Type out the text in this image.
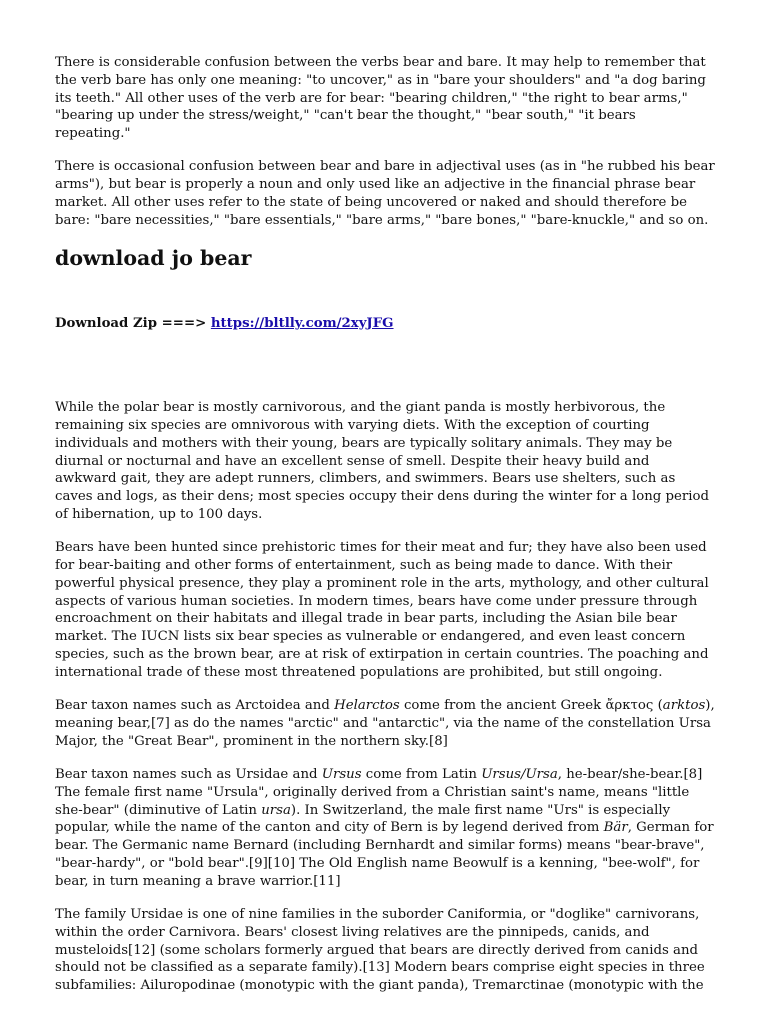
There is considerable confusion between the verbs bear and bare. It may help to remember that the verb bare has only one meaning: "to uncover," as in "bare your shoulders" and "a dog baring its teeth." All other uses of the verb are for bear: "bearing children," "the right to bear arms," "bearing up under the stress/weight," "can't bear the thought," "bear south," "it bears repeating."

There is occasional confusion between bear and bare in adjectival uses (as in "he rubbed his bear arms"), but bear is properly a noun and only used like an adjective in the financial phrase bear market. All other uses refer to the state of being uncovered or naked and should therefore be bare: "bare necessities," "bare essentials," "bare arms," "bare bones," "bare-knuckle," and so on.

download jo bear
Download Zip ===> https://bltlly.com/2xyJFG

While the polar bear is mostly carnivorous, and the giant panda is mostly herbivorous, the remaining six species are omnivorous with varying diets. With the exception of courting individuals and mothers with their young, bears are typically solitary animals. They may be diurnal or nocturnal and have an excellent sense of smell. Despite their heavy build and awkward gait, they are adept runners, climbers, and swimmers. Bears use shelters, such as caves and logs, as their dens; most species occupy their dens during the winter for a long period of hibernation, up to 100 days.

Bears have been hunted since prehistoric times for their meat and fur; they have also been used for bear-baiting and other forms of entertainment, such as being made to dance. With their powerful physical presence, they play a prominent role in the arts, mythology, and other cultural aspects of various human societies. In modern times, bears have come under pressure through encroachment on their habitats and illegal trade in bear parts, including the Asian bile bear market. The IUCN lists six bear species as vulnerable or endangered, and even least concern species, such as the brown bear, are at risk of extirpation in certain countries. The poaching and international trade of these most threatened populations are prohibited, but still ongoing.

Bear taxon names such as Arctoidea and Helarctos come from the ancient Greek ἄρκτος (arktos), meaning bear,[7] as do the names "arctic" and "antarctic", via the name of the constellation Ursa Major, the "Great Bear", prominent in the northern sky.[8]

Bear taxon names such as Ursidae and Ursus come from Latin Ursus/Ursa, he-bear/she-bear.[8] The female first name "Ursula", originally derived from a Christian saint's name, means "little she-bear" (diminutive of Latin ursa). In Switzerland, the male first name "Urs" is especially popular, while the name of the canton and city of Bern is by legend derived from Bär, German for bear. The Germanic name Bernard (including Bernhardt and similar forms) means "bear-brave", "bear-hardy", or "bold bear".[9][10] The Old English name Beowulf is a kenning, "bee-wolf", for bear, in turn meaning a brave warrior.[11]

The family Ursidae is one of nine families in the suborder Caniformia, or "doglike" carnivorans, within the order Carnivora. Bears' closest living relatives are the pinnipeds, canids, and musteloids[12] (some scholars formerly argued that bears are directly derived from canids and should not be classified as a separate family).[13] Modern bears comprise eight species in three subfamilies: Ailuropodinae (monotypic with the giant panda), Tremarctinae (monotypic with the
